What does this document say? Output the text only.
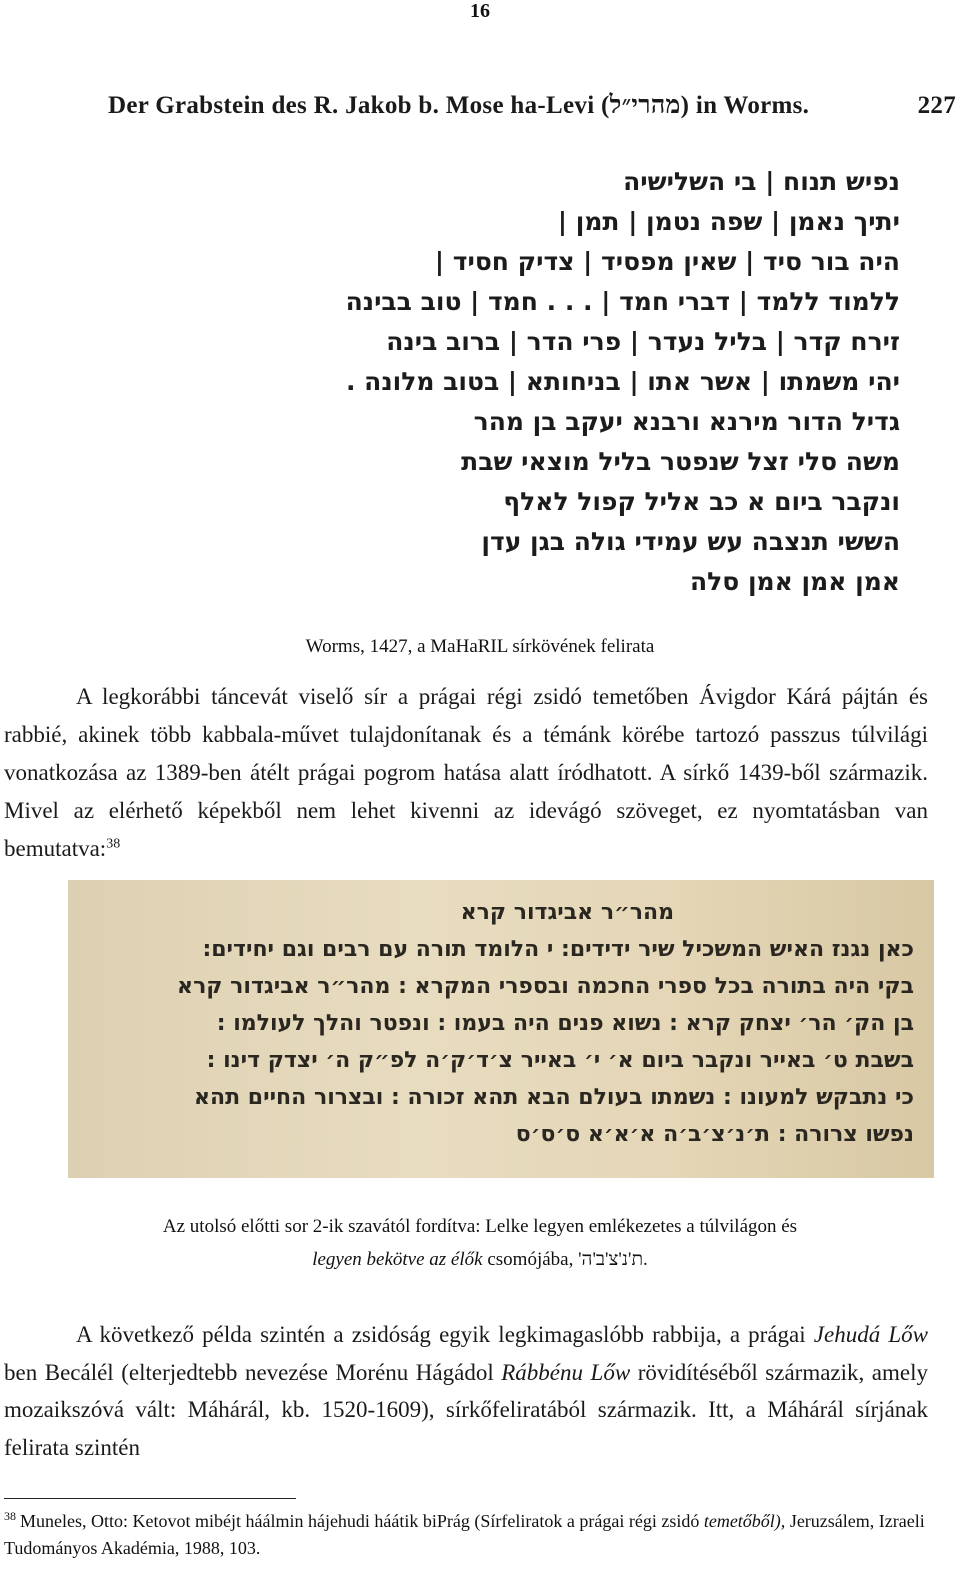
16
Der Grabstein des R. Jakob b. Mose ha-Levi (מהרי״ל) in Worms.	227
נפיש תנוח | בי השלישיה
יתיך נאמן | שפה נטמן | תמן |
היה בור סיד | שאין מפסיד | צדיק חסיד |
ללמוד ללמד | דברי חמד | . . . חמד | טוב בבינה
זירח קדר | בליל נעדר | פרי הדר | ברוב בינה
יהי משמתו | אשר אתו | בניחותא | בטוב מלונה .
גדיל הדור מירנא ורבנא יעקב בן מהר
משה סלי זצל שנפטר בליל מוצאי שבת
ונקבר ביום א כב אליל קפול לאלף
הששי תנצבה עש עמידי גולה בגן עדן
אמן אמן אמן סלה
Worms, 1427, a MaHaRIL sírkövének felirata
A legkorábbi táncevát viselő sír a prágai régi zsidó temetőben Ávigdor Kárá pájtán és rabbié, akinek több kabbala-művet tulajdonítanak és a témánk körébe tartozó passzus túlvilági vonatkozása az 1389-ben átélt prágai pogrom hatása alatt íródhatott. A sírkő 1439-ből származik. Mivel az elérhető képekből nem lehet kivenni az idevágó szöveget, ez nyomtatásban van bemutatva:$^{38}$
מהר״ר אביגדור קרא
כאן נגנז האיש המשכיל שיר ידידים: י הלומד תורה עם רבים וגם יחידים:
בקי היה בתורה בכל ספרי החכמה ובספרי המקרא : מהר״ר אביגדור קרא
בן הק׳ הר׳ יצחק קרא : נשוא פנים היה בעמו : ונפטר והלך לעולמו :
בשבת ט׳ באייר ונקבר ביום א׳ י׳ באייר צ׳ד׳ק׳ה לפ״ק ה׳ יצדק דינו :
כי נתבקש למעונו : נשמתו בעולם הבא תהא זכורה : ובצרור החיים תהא
נפשו צרורה : ת׳נ׳צ׳ב׳ה א׳א׳א ס׳ס׳ס
Az utolsó előtti sor 2-ik szavától fordítva: Lelke legyen emlékezetes a túlvilágon és
legyen bekötve az élők csomójába, ת'נ'צ'ב'ה'.
A következő példa szintén a zsidóság egyik legkimagaslóbb rabbija, a prágai Jehudá Lőw ben Becálél (elterjedtebb nevezése Morénu Hágádol Rábbénu Lőw rövidítéséből származik, amely mozaikszóvá vált: Máhárál, kb. 1520-1609), sírkőfeliratából származik. Itt, a Máhárál sírjának felirata szintén
$^{38}$ Muneles, Otto: Ketovot mibéjt háálmin hájehudi háátik biPrág (Sírfeliratok a prágai régi zsidó temetőből), Jeruzsálem, Izraeli Tudományos Akadémia, 1988, 103.
